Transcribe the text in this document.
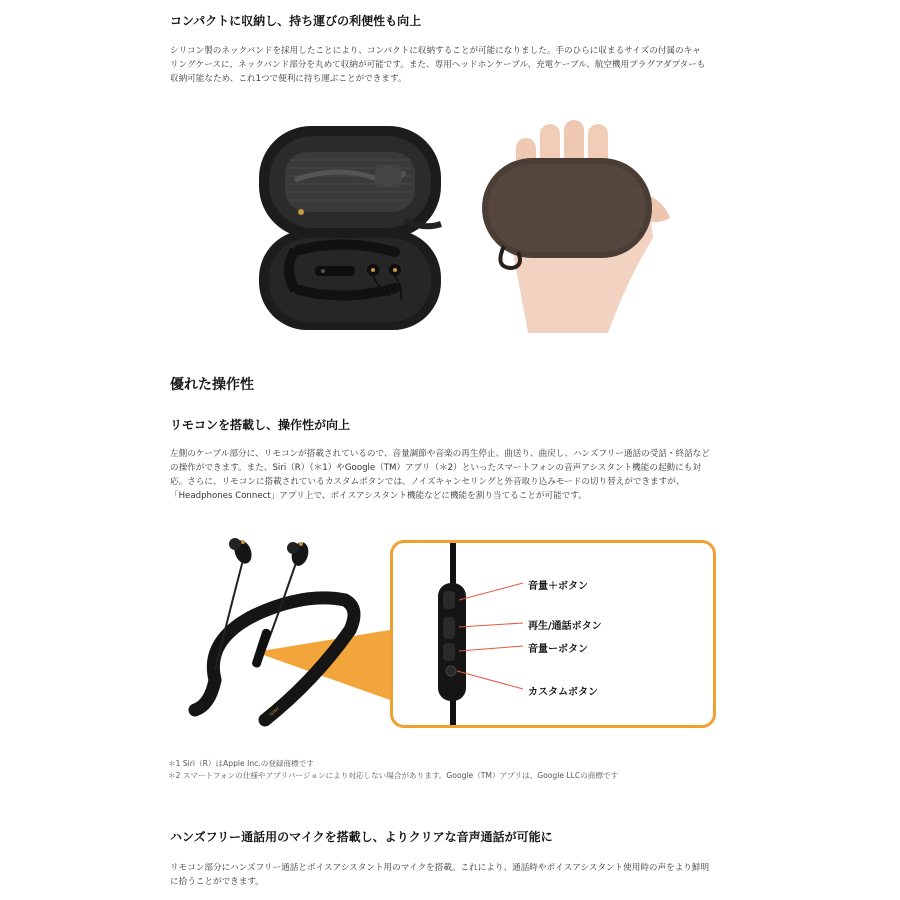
コンパクトに収納し、持ち運びの利便性も向上
シリコン製のネックバンドを採用したことにより、コンパクトに収納することが可能になりました。手のひらに収まるサイズの付属のキャ
リングケースに、ネックバンド部分を丸めて収納が可能です。また、専用ヘッドホンケーブル、充電ケーブル、航空機用プラグアダプターも
収納可能なため、これ1つで便利に持ち運ぶことができます。
優れた操作性
リモコンを搭載し、操作性が向上
左側のケーブル部分に、リモコンが搭載されているので、音量調節や音楽の再生停止、曲送り、曲戻し、ハンズフリー通話の受話・終話など
の操作ができます。また、Siri（R）（＊1）やGoogle（TM）アプリ（＊2）といったスマートフォンの音声アシスタント機能の起動にも対
応。さらに、リモコンに搭載されているカスタムボタンでは、ノイズキャンセリングと外音取り込みモードの切り替えができますが、
「Headphones Connect」アプリ上で、ボイスアシスタント機能などに機能を割り当てることが可能です。
SONY
音量＋ボタン
再生/通話ボタン
音量ーボタン
カスタムボタン
＊1 Siri（R）はApple Inc.の登録商標です
＊2 スマートフォンの仕様やアプリバージョンにより対応しない場合があります。Google（TM）アプリは、Google LLCの商標です
ハンズフリー通話用のマイクを搭載し、よりクリアな音声通話が可能に
リモコン部分にハンズフリー通話とボイスアシスタント用のマイクを搭載。これにより、通話時やボイスアシスタント使用時の声をより鮮明
に拾うことができます。
